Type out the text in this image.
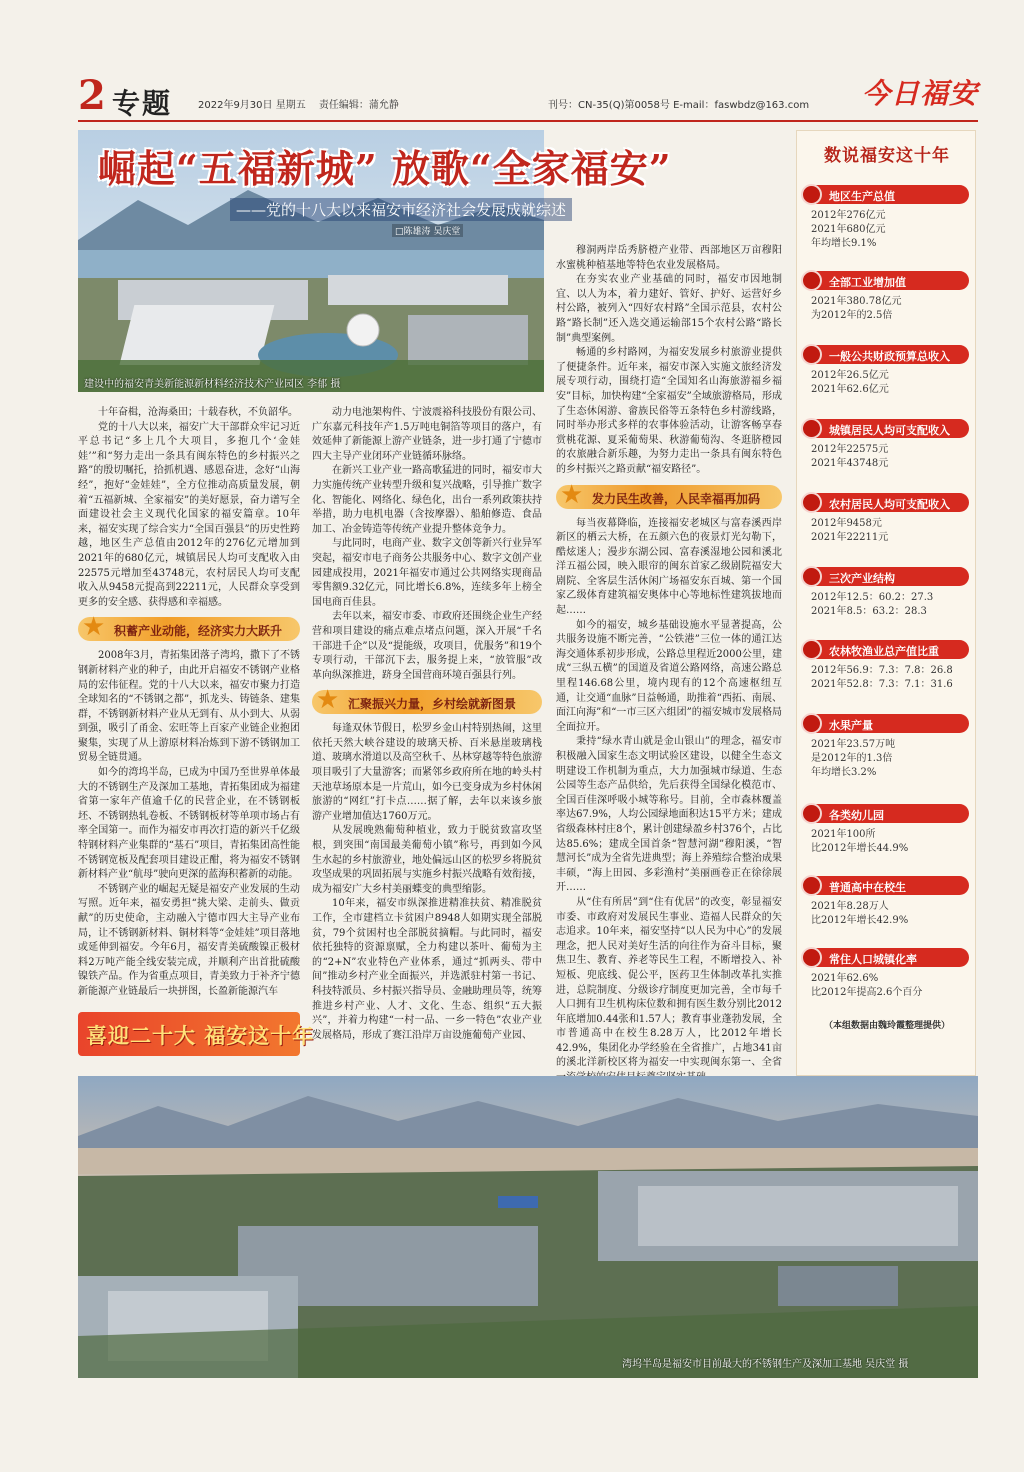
2 专题	2022年9月30日 星期五 责任编辑：蒲允静	刊号：CN-35(Q)第0058号 E-mail：faswbdz@163.com 今日福安
崛起“五福新城” 放歌“全家福安”
——党的十八大以来福安市经济社会发展成就综述
□陈雄涛 吴庆堂
建设中的福安青美新能源新材料经济技术产业园区 李郁 摄

十年奋楫，沧海桑田；十载春秋，不负韶华。

党的十八大以来，福安广大干部群众牢记习近平总书记“多上几个大项目，多抱几个‘金娃娃’”和“努力走出一条具有闽东特色的乡村振兴之路”的殷切嘱托，拾抓机遇、感恩奋进，念好“山海经”，抱好“金娃娃”，全方位推动高质量发展，朝着“五福新城、全家福安”的美好愿景，奋力谱写全面建设社会主义现代化国家的福安篇章。10年来，福安实现了综合实力“全国百强县”的历史性跨越，地区生产总值由2012年的276亿元增加到2021年的680亿元，城镇居民人均可支配收入由22575元增加至43748元，农村居民人均可支配收入从9458元提高到22211元，人民群众享受到更多的安全感、获得感和幸福感。

★ 积蓄产业动能，经济实力大跃升

2008年3月，青拓集团落子湾坞，撒下了不锈钢新材料产业的种子，由此开启福安不锈钢产业格局的宏伟征程。党的十八大以来，福安市聚力打造全球知名的“不锈钢之都”，抓龙头、铸链条、建集群，不锈钢新材料产业从无到有、从小到大、从弱到强，吸引了甬金、宏旺等上百家产业链企业抱团聚集，实现了从上游原材料冶炼到下游不锈钢加工贸易全链贯通。

如今的湾坞半岛，已成为中国乃至世界单体最大的不锈钢生产及深加工基地，青拓集团成为福建省第一家年产值逾千亿的民营企业，在不锈钢板坯、不锈钢热轧卷板、不锈钢板材等单项市场占有率全国第一。而作为福安市再次打造的新兴千亿级特钢材料产业集群的“基石”项目，青拓集团高性能不锈钢宽板及配套项目建设正酣，将为福安不锈钢新材料产业“航母”驶向更深的蓝海积蓄新的动能。

不锈钢产业的崛起无疑是福安产业发展的生动写照。近年来，福安勇担“挑大梁、走前头、做贡献”的历史使命，主动融入宁德市四大主导产业布局，让不锈钢新材料、铜材料等“金娃娃”项目落地或延伸到福安。今年6月，福安青美硫酸镍正极材料2万吨产能全线安装完成，并顺利产出首批硫酸镍铁产品。作为省重点项目，青美致力于补齐宁德新能源产业链最后一块拼图，长盈新能源汽车

喜迎二十大 福安这十年

动力电池架构件、宁波震裕科技股份有限公司、广东嘉元科技年产1.5万吨电铜箔等项目的落户，有效延伸了新能源上游产业链条，进一步打通了宁德市四大主导产业闭环产业链循环脉络。

在新兴工业产业一路高歌猛进的同时，福安市大力实施传统产业转型升级和复兴战略，引导推广数字化、智能化、网络化、绿色化，出台一系列政策扶持举措，助力电机电器（含按摩器）、船舶修造、食品加工、冶金铸造等传统产业提升整体竞争力。

与此同时，电商产业、数字文创等新兴行业异军突起，福安市电子商务公共服务中心、数字文创产业园建成投用，2021年福安市通过公共网络实现商品零售额9.32亿元，同比增长6.8%，连续多年上榜全国电商百佳县。

去年以来，福安市委、市政府还围绕企业生产经营和项目建设的痛点难点堵点问题，深入开展“千名干部进千企”以及“提能级，攻项目，优服务”和19个专项行动，干部沉下去，服务提上来，“放管服”改革向纵深推进，跻身全国营商环境百强县行列。

★ 汇聚振兴力量，乡村绘就新图景

每逢双休节假日，松罗乡金山村特别热闹，这里依托天然大峡谷建设的玻璃天桥、百米悬崖玻璃栈道、玻璃水滑道以及高空秋千、丛林穿越等特色旅游项目吸引了大量游客；而紧邻乡政府所在地的岭头村天池草场原本是一片荒山，如今已变身成为乡村休闲旅游的“网红”打卡点……据了解，去年以来该乡旅游产业增加值达1760万元。

从发展晚熟葡萄种植业，致力于脱贫致富攻坚根，到突围“南国最美葡萄小镇”称号，再到如今风生水起的乡村旅游业，地处偏远山区的松罗乡将脱贫攻坚成果的巩固拓展与实施乡村振兴战略有效衔接，成为福安广大乡村美丽蝶变的典型缩影。

10年来，福安市纵深推进精准扶贫、精准脱贫工作，全市建档立卡贫困户8948人如期实现全部脱贫，79个贫困村也全部脱贫摘帽。与此同时，福安依托独特的资源禀赋，全力构建以茶叶、葡萄为主的“2+N”农业特色产业体系，通过“抓两头、带中间”推动乡村产业全面振兴，并选派驻村第一书记、科技特派员、乡村振兴指导员、金融助理员等，统筹推进乡村产业、人才、文化、生态、组织“五大振兴”，并着力构建“一村一品、一乡一特色”农业产业发展格局，形成了赛江沿岸万亩设施葡萄产业园、

穆洞两岸岳秀脐橙产业带、西部地区万亩穆阳水蜜桃种植基地等特色农业发展格局。

在夯实农业产业基础的同时，福安市因地制宜、以人为本，着力建好、管好、护好、运营好乡村公路，被列入“四好农村路”全国示范县，农村公路“路长制”还入选交通运输部15个农村公路“路长制”典型案例。

畅通的乡村路网，为福安发展乡村旅游业提供了便捷条件。近年来，福安市深入实施文旅经济发展专项行动，围绕打造“全国知名山海旅游福乡福安”目标，加快构建“全家福安”全域旅游格局，形成了生态休闲游、畲族民俗等五条特色乡村游线路，同时举办形式多样的农事体验活动，让游客畅享春赏桃花源、夏采葡萄果、秋游葡萄沟、冬逛脐橙园的农旅融合新乐趣，为努力走出一条具有闽东特色的乡村振兴之路贡献“福安路径”。

★ 发力民生改善，人民幸福再加码

每当夜幕降临，连接福安老城区与富春溪西岸新区的栖云大桥，在五颜六色的夜景灯光勾勒下，酷炫迷人；漫步东湖公园、富春溪湿地公园和溪北洋五福公园，映入眼帘的闽东首家乙级剧院福安大剧院、全客层生活休闲广场福安东百城、第一个国家乙级体育建筑福安奥体中心等地标性建筑拔地而起……

如今的福安，城乡基础设施水平显著提高，公共服务设施不断完善，“公铁港”三位一体的通江达海交通体系初步形成，公路总里程近2000公里，建成“三纵五横”的国道及省道公路网络，高速公路总里程146.68公里，境内现有的12个高速枢纽互通，让交通“血脉”日益畅通，助推着“西拓、南展、面江向海”和“一市三区六组团”的福安城市发展格局全面拉开。

秉持“绿水青山就是金山银山”的理念，福安市积极融入国家生态文明试验区建设，以健全生态文明建设工作机制为重点，大力加强城市绿道、生态公园等生态产品供给，先后获得全国绿化模范市、全国百佳深呼吸小城等称号。目前，全市森林覆盖率达67.9%，人均公园绿地面积达15平方米；建成省级森林村庄8个，累计创建绿盈乡村376个，占比达85.6%；建成全国首条“智慧河湖”穆阳溪，“智慧河长”成为全省先进典型；海上养殖综合整治成果丰硕，“海上田园、多彩渔村”美丽画卷正在徐徐展开……

从“住有所居”到“住有优居”的改变，彰显福安市委、市政府对发展民生事业、造福人民群众的矢志追求。10年来，福安坚持“以人民为中心”的发展理念，把人民对美好生活的向往作为奋斗目标，聚焦卫生、教育、养老等民生工程，不断增投入、补短板、兜底线、促公平，医药卫生体制改革扎实推进，总院制度、分级诊疗制度更加完善，全市每千人口拥有卫生机构床位数和拥有医生数分别比2012年底增加0.44张和1.57人；教育事业蓬勃发展，全市普通高中在校生8.28万人，比2012年增长42.9%，集团化办学经验在全省推广，占地341亩的溪北洋新校区将为福安一中实现闽东第一、全省

数说福安这十年
地区生产总值
2012年276亿元
2021年680亿元
年均增长9.1%
全部工业增加值
2021年380.78亿元
为2012年的2.5倍
一般公共财政预算总收入
2012年26.5亿元
2021年62.6亿元
城镇居民人均可支配收入
2012年22575元
2021年43748元
农村居民人均可支配收入
2012年9458元
2021年22211元
三次产业结构
2012年12.5：60.2：27.3
2021年8.5：63.2：28.3
农林牧渔业总产值比重
2012年56.9：7.3：7.8：26.8
2021年52.8：7.3：7.1：31.6
水果产量
2021年23.57万吨
是2012年的1.3倍
年均增长3.2%
各类幼儿园
2021年100所
比2012年增长44.9%
普通高中在校生
2021年8.28万人
比2012年增长42.9%
常住人口城镇化率
2021年62.6%
比2012年提高2.6个百分
（本组数据由魏玲霞整理提供）
湾坞半岛是福安市目前最大的不锈钢生产及深加工基地 吴庆堂 摄
